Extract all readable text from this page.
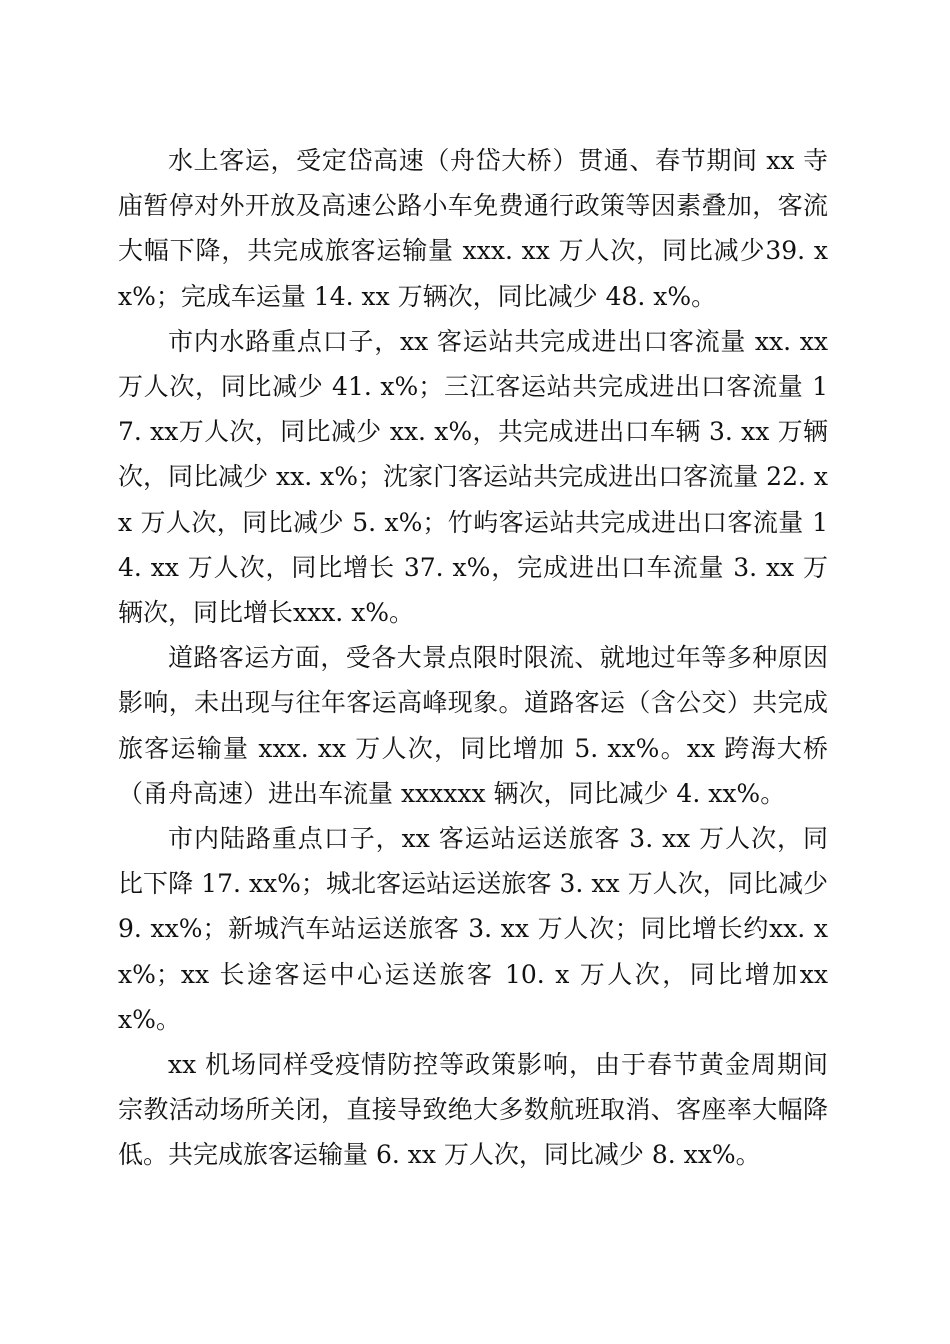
水上客运，受定岱高速（舟岱大桥）贯通、春节期间 xx 寺庙暂停对外开放及高速公路小车免费通行政策等因素叠加，客流大幅下降，共完成旅客运输量 xxx. xx 万人次，同比减少39. xx%；完成车运量 14. xx 万辆次，同比减少 48. x%。

市内水路重点口子，xx 客运站共完成进出口客流量 xx. xx 万人次，同比减少 41. x%；三江客运站共完成进出口客流量 17. xx万人次，同比减少 xx. x%，共完成进出口车辆 3. xx 万辆次，同比减少 xx. x%；沈家门客运站共完成进出口客流量 22. xx 万人次，同比减少 5. x%；竹屿客运站共完成进出口客流量 14. xx 万人次，同比增长 37. x%，完成进出口车流量 3. xx 万辆次，同比增长xxx. x%。

道路客运方面，受各大景点限时限流、就地过年等多种原因影响，未出现与往年客运高峰现象。道路客运（含公交）共完成旅客运输量 xxx. xx 万人次，同比增加 5. xx%。xx 跨海大桥（甬舟高速）进出车流量 xxxxxx 辆次，同比减少 4. xx%。

市内陆路重点口子，xx 客运站运送旅客 3. xx 万人次，同比下降 17. xx%；城北客运站运送旅客 3. xx 万人次，同比减少9. xx%；新城汽车站运送旅客 3. xx 万人次；同比增长约xx. xx%；xx 长途客运中心运送旅客 10. x 万人次，同比增加xxx%。

xx 机场同样受疫情防控等政策影响，由于春节黄金周期间宗教活动场所关闭，直接导致绝大多数航班取消、客座率大幅降低。共完成旅客运输量 6. xx 万人次，同比减少 8. xx%。
